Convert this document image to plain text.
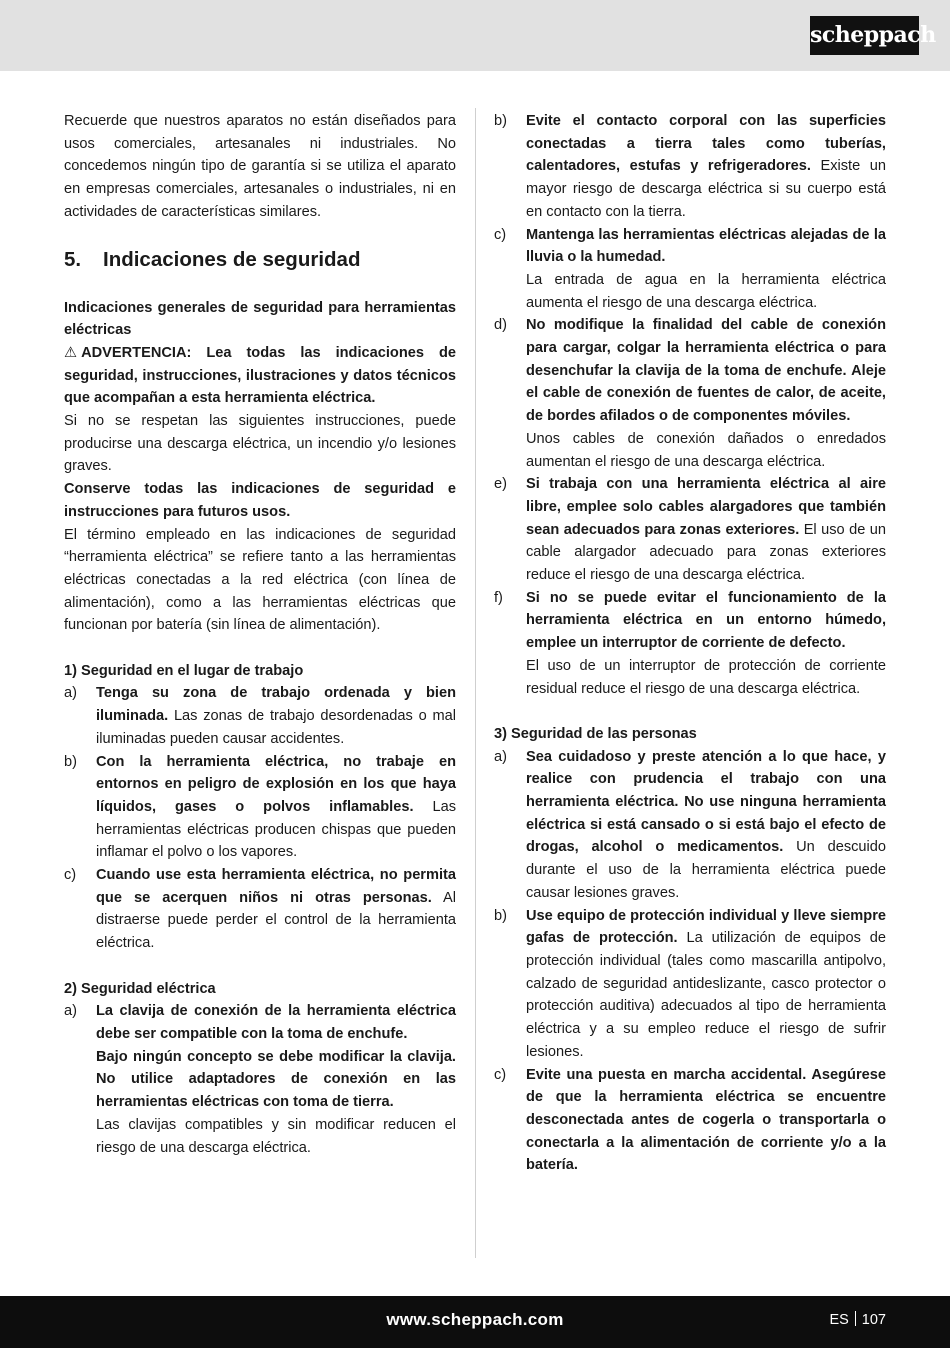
scheppach

Recuerde que nuestros aparatos no están diseñados para usos comerciales, artesanales ni industriales. No concedemos ningún tipo de garantía si se utiliza el aparato en empresas comerciales, artesanales o industriales, ni en actividades de características similares.

5.	Indicaciones de seguridad

Indicaciones generales de seguridad para herramientas eléctricas

⚠ ADVERTENCIA: Lea todas las indicaciones de seguridad, instrucciones, ilustraciones y datos técnicos que acompañan a esta herramienta eléctrica.

Si no se respetan las siguientes instrucciones, puede producirse una descarga eléctrica, un incendio y/o lesiones graves.

Conserve todas las indicaciones de seguridad e instrucciones para futuros usos.

El término empleado en las indicaciones de seguridad “herramienta eléctrica” se refiere tanto a las herramientas eléctricas conectadas a la red eléctrica (con línea de alimentación), como a las herramientas eléctricas que funcionan por batería (sin línea de alimentación).

1) Seguridad en el lugar de trabajo

a)	Tenga su zona de trabajo ordenada y bien iluminada. Las zonas de trabajo desordenadas o mal iluminadas pueden causar accidentes.

b)	Con la herramienta eléctrica, no trabaje en entornos en peligro de explosión en los que haya líquidos, gases o polvos inflamables. Las herramientas eléctricas producen chispas que pueden inflamar el polvo o los vapores.

c)	Cuando use esta herramienta eléctrica, no permita que se acerquen niños ni otras personas. Al distraerse puede perder el control de la herramienta eléctrica.

2) Seguridad eléctrica

a)	La clavija de conexión de la herramienta eléctrica debe ser compatible con la toma de enchufe.

Bajo ningún concepto se debe modificar la clavija. No utilice adaptadores de conexión en las herramientas eléctricas con toma de tierra.

Las clavijas compatibles y sin modificar reducen el riesgo de una descarga eléctrica.

b)	Evite el contacto corporal con las superficies conectadas a tierra tales como tuberías, calentadores, estufas y refrigeradores. Existe un mayor riesgo de descarga eléctrica si su cuerpo está en contacto con la tierra.

c)	Mantenga las herramientas eléctricas alejadas de la lluvia o la humedad.

La entrada de agua en la herramienta eléctrica aumenta el riesgo de una descarga eléctrica.

d)	No modifique la finalidad del cable de conexión para cargar, colgar la herramienta eléctrica o para desenchufar la clavija de la toma de enchufe. Aleje el cable de conexión de fuentes de calor, de aceite, de bordes afilados o de componentes móviles.

Unos cables de conexión dañados o enredados aumentan el riesgo de una descarga eléctrica.

e)	Si trabaja con una herramienta eléctrica al aire libre, emplee solo cables alargadores que también sean adecuados para zonas exteriores. El uso de un cable alargador adecuado para zonas exteriores reduce el riesgo de una descarga eléctrica.

f)	Si no se puede evitar el funcionamiento de la herramienta eléctrica en un entorno húmedo, emplee un interruptor de corriente de defecto.

El uso de un interruptor de protección de corriente residual reduce el riesgo de una descarga eléctrica.

3) Seguridad de las personas

a)	Sea cuidadoso y preste atención a lo que hace, y realice con prudencia el trabajo con una herramienta eléctrica. No use ninguna herramienta eléctrica si está cansado o si está bajo el efecto de drogas, alcohol o medicamentos. Un descuido durante el uso de la herramienta eléctrica puede causar lesiones graves.

b)	Use equipo de protección individual y lleve siempre gafas de protección. La utilización de equipos de protección individual (tales como mascarilla antipolvo, calzado de seguridad antideslizante, casco protector o protección auditiva) adecuados al tipo de herramienta eléctrica y a su empleo reduce el riesgo de sufrir lesiones.

c)	Evite una puesta en marcha accidental. Asegúrese de que la herramienta eléctrica se encuentre desconectada antes de cogerla o transportarla o conectarla a la alimentación de corriente y/o a la batería.

www.scheppach.com	ES 107
